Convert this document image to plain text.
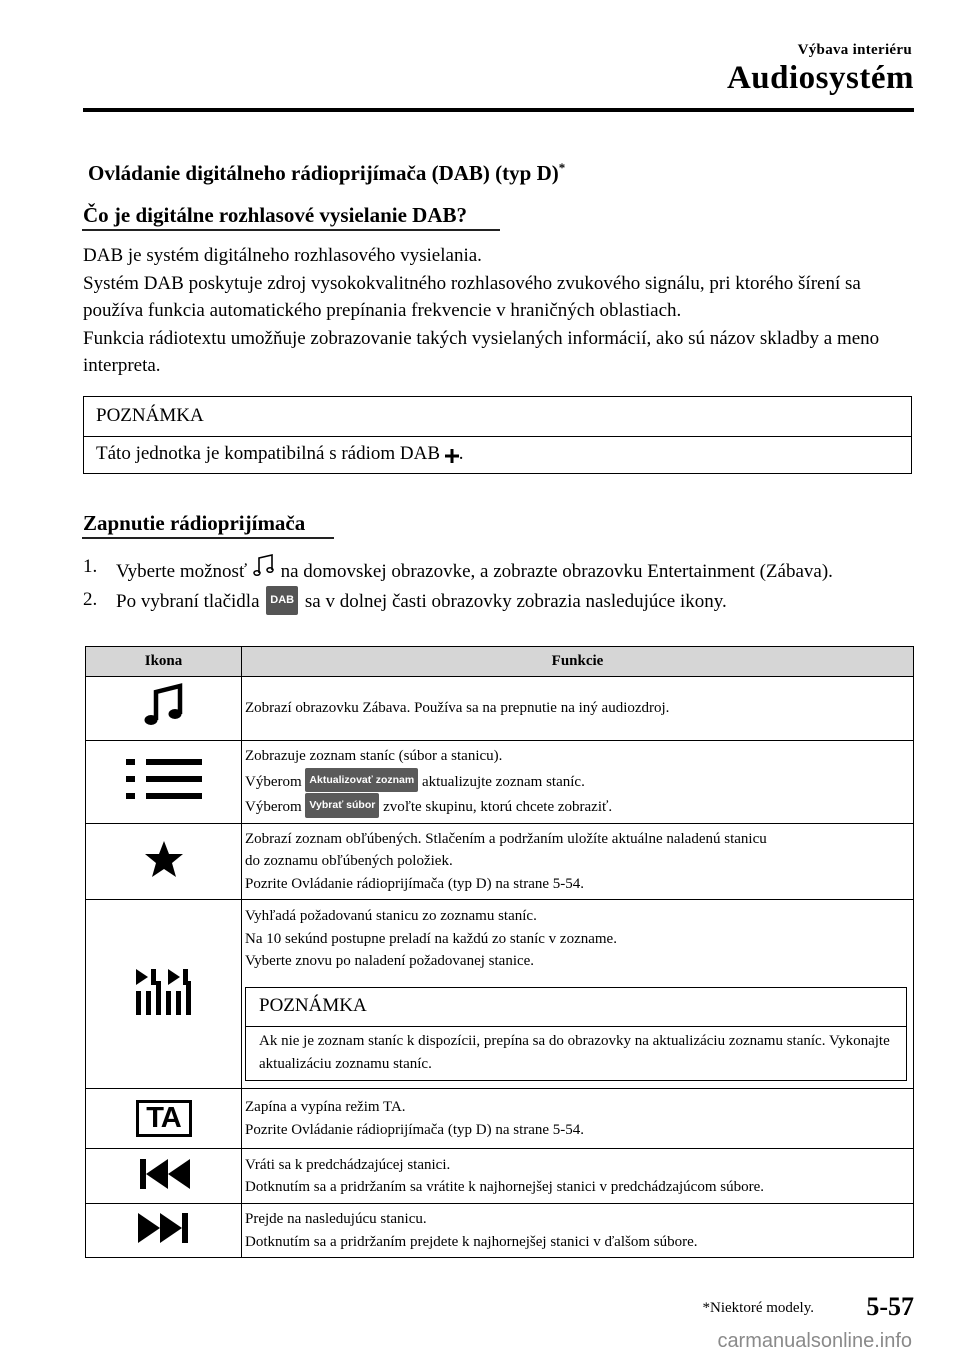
Výbava interiéru
Audiosystém
Ovládanie digitálneho rádioprijímača (DAB) (typ D)*
Čo je digitálne rozhlasové vysielanie DAB?

DAB je systém digitálneho rozhlasového vysielania.

Systém DAB poskytuje zdroj vysokokvalitného rozhlasového zvukového signálu, pri ktorého šírení sa používa funkcia automatického prepínania frekvencie v hraničných oblastiach.

Funkcia rádiotextu umožňuje zobrazovanie takých vysielaných informácií, ako sú názov skladby a meno interpreta.

POZNÁMKA
Táto jednotka je kompatibilná s rádiom DAB .
Zapnutie rádioprijímača
1. Vyberte možnosť na domovskej obrazovke, a zobrazte obrazovku Entertainment (Zábava).
2. Po vybraní tlačidla DAB sa v dolnej časti obrazovky zobrazia nasledujúce ikony.
Ikona	Funkcie

Zobrazí obrazovku Zábava. Používa sa na prepnutie na iný audiozdroj.

Zobrazuje zoznam staníc (súbor a stanicu).
Výberom Aktualizovať zoznam aktualizujte zoznam staníc.
Výberom Vybrať súbor zvoľte skupinu, ktorú chcete zobraziť.

Zobrazí zoznam obľúbených. Stlačením a podržaním uložíte aktuálne naladenú stanicu
do zoznamu obľúbených položiek.
Pozrite Ovládanie rádioprijímača (typ D) na strane 5-54.

Vyhľadá požadovanú stanicu zo zoznamu staníc.
Na 10 sekúnd postupne preladí na každú zo staníc v zozname.
Vyberte znovu po naladení požadovanej stanice.
POZNÁMKA
Ak nie je zoznam staníc k dispozícii, prepína sa do obrazovky na aktualizáciu zoznamu staníc. Vykonajte aktualizáciu zoznamu staníc.

TA	Zapína a vypína režim TA.
Pozrite Ovládanie rádioprijímača (typ D) na strane 5-54.

Vráti sa k predchádzajúcej stanici.
Dotknutím sa a pridržaním sa vrátite k najhornejšej stanici v predchádzajúcom súbore.

Prejde na nasledujúcu stanicu.
Dotknutím sa a pridržaním prejdete k najhornejšej stanici v ďalšom súbore.
*Niektoré modely. 5-57
carmanualsonline.info
